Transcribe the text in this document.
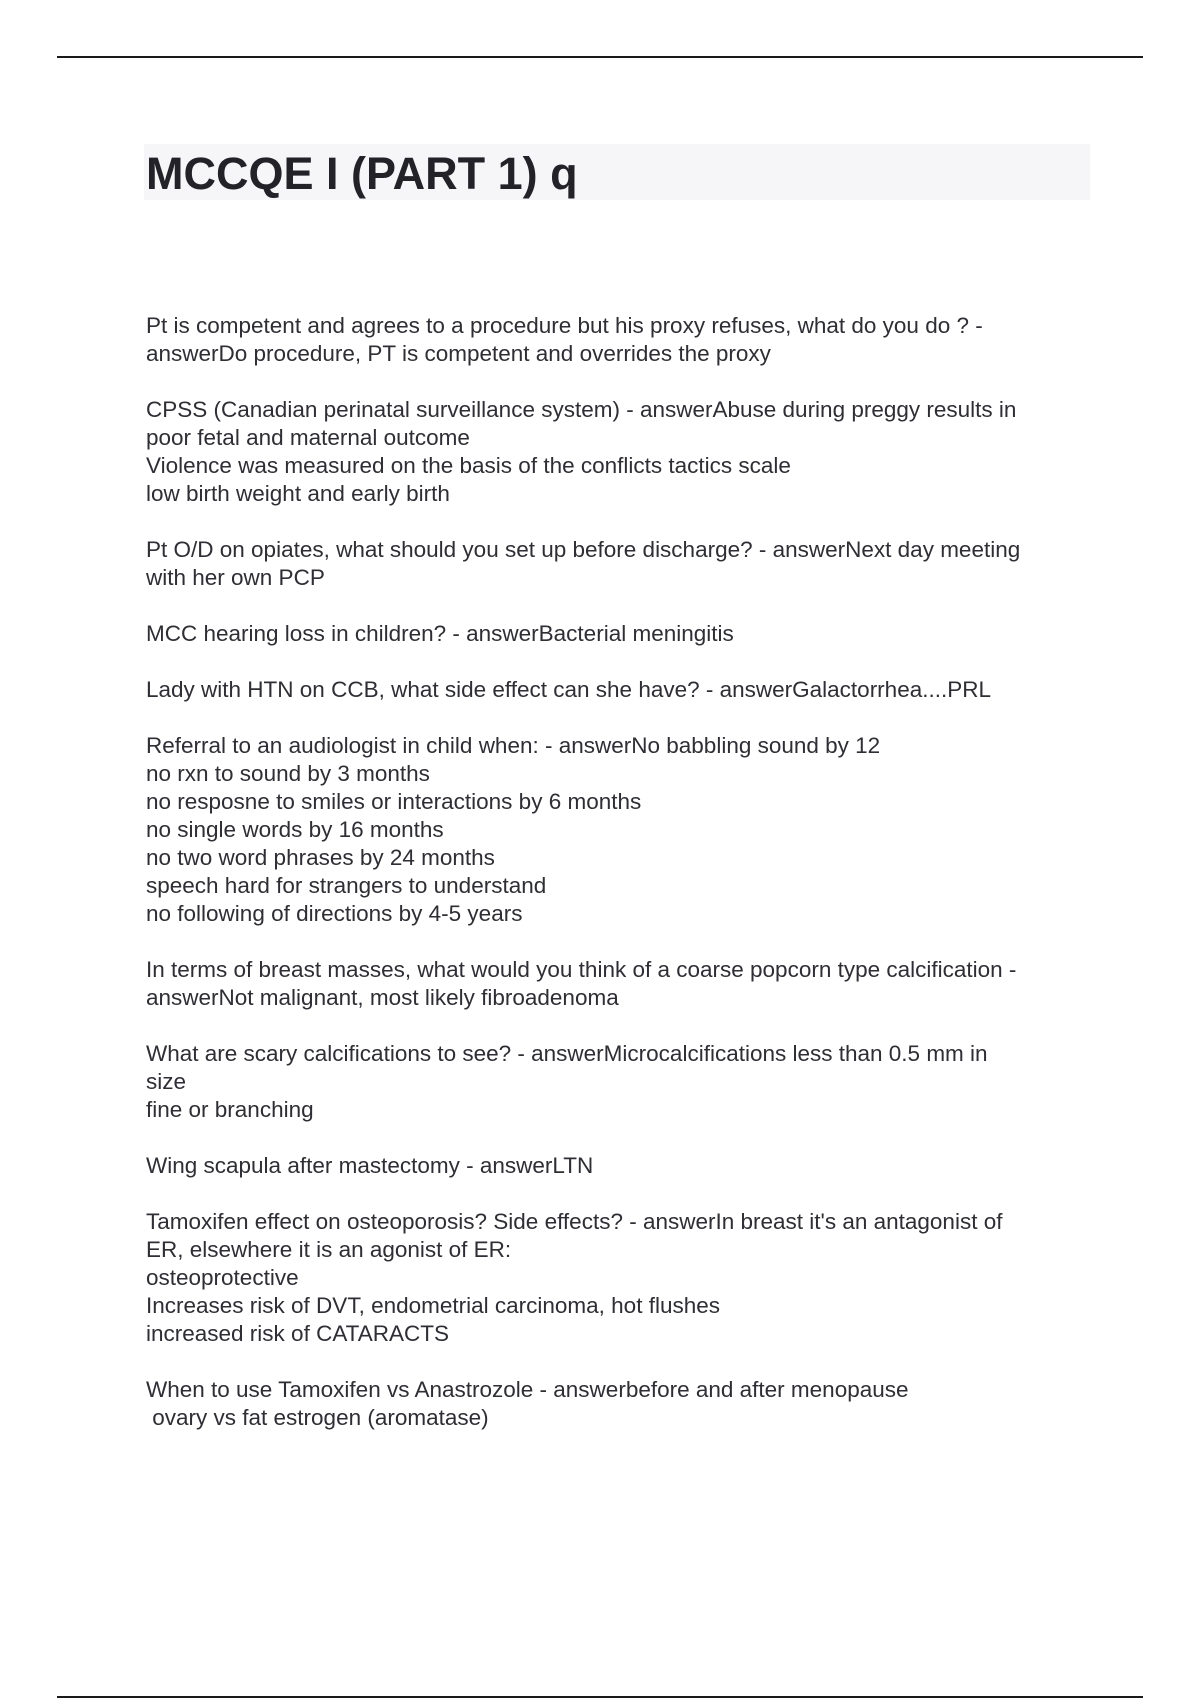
MCCQE I (PART 1) q

Pt is competent and agrees to a procedure but his proxy refuses, what do you do ? -
answerDo procedure, PT is competent and overrides the proxy

CPSS (Canadian perinatal surveillance system) - answerAbuse during preggy results in
poor fetal and maternal outcome
Violence was measured on the basis of the conflicts tactics scale
low birth weight and early birth

Pt O/D on opiates, what should you set up before discharge? - answerNext day meeting
with her own PCP

MCC hearing loss in children? - answerBacterial meningitis

Lady with HTN on CCB, what side effect can she have? - answerGalactorrhea....PRL

Referral to an audiologist in child when: - answerNo babbling sound by 12
no rxn to sound by 3 months
no resposne to smiles or interactions by 6 months
no single words by 16 months
no two word phrases by 24 months
speech hard for strangers to understand
no following of directions by 4-5 years

In terms of breast masses, what would you think of a coarse popcorn type calcification -
answerNot malignant, most likely fibroadenoma

What are scary calcifications to see? - answerMicrocalcifications less than 0.5 mm in
size
fine or branching

Wing scapula after mastectomy - answerLTN

Tamoxifen effect on osteoporosis? Side effects? - answerIn breast it's an antagonist of
ER, elsewhere it is an agonist of ER:
osteoprotective
Increases risk of DVT, endometrial carcinoma, hot flushes
increased risk of CATARACTS

When to use Tamoxifen vs Anastrozole - answerbefore and after menopause
ovary vs fat estrogen (aromatase)
